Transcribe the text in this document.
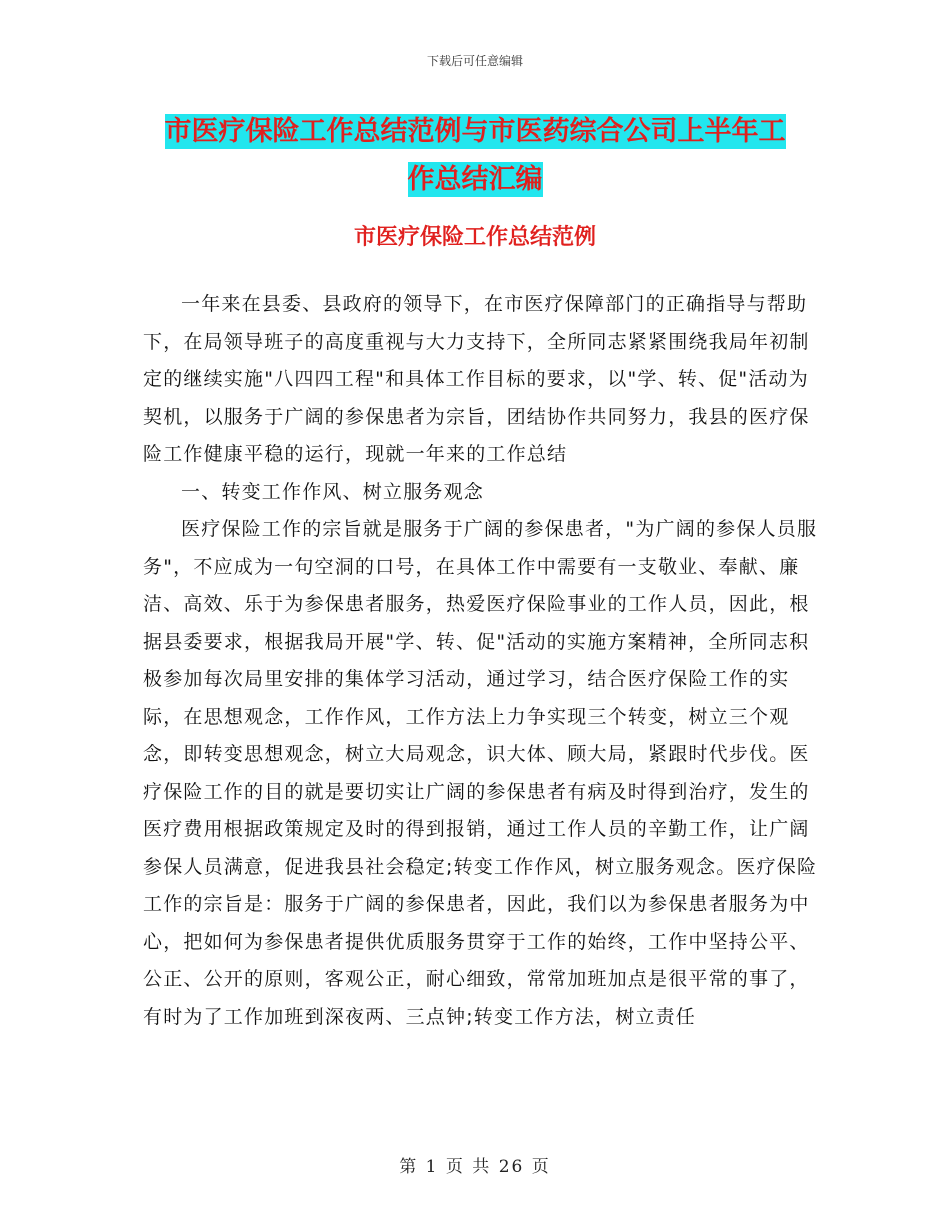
下载后可任意编辑
市医疗保险工作总结范例与市医药综合公司上半年工
作总结汇编
市医疗保险工作总结范例

一年来在县委、县政府的领导下，在市医疗保障部门的正确指导与帮助下，在局领导班子的高度重视与大力支持下，全所同志紧紧围绕我局年初制定的继续实施"八四四工程"和具体工作目标的要求，以"学、转、促"活动为契机，以服务于广阔的参保患者为宗旨，团结协作共同努力，我县的医疗保险工作健康平稳的运行，现就一年来的工作总结

一、转变工作作风、树立服务观念

医疗保险工作的宗旨就是服务于广阔的参保患者，"为广阔的参保人员服务"，不应成为一句空洞的口号，在具体工作中需要有一支敬业、奉献、廉洁、高效、乐于为参保患者服务，热爱医疗保险事业的工作人员，因此，根据县委要求，根据我局开展"学、转、促"活动的实施方案精神，全所同志积极参加每次局里安排的集体学习活动，通过学习，结合医疗保险工作的实际，在思想观念，工作作风，工作方法上力争实现三个转变，树立三个观念，即转变思想观念，树立大局观念，识大体、顾大局，紧跟时代步伐。医疗保险工作的目的就是要切实让广阔的参保患者有病及时得到治疗，发生的医疗费用根据政策规定及时的得到报销，通过工作人员的辛勤工作，让广阔参保人员满意，促进我县社会稳定;转变工作作风，树立服务观念。医疗保险工作的宗旨是：服务于广阔的参保患者，因此，我们以为参保患者服务为中心，把如何为参保患者提供优质服务贯穿于工作的始终，工作中坚持公平、公正、公开的原则，客观公正，耐心细致，常常加班加点是很平常的事了，有时为了工作加班到深夜两、三点钟;转变工作方法，树立责任

第 1 页 共 26 页
